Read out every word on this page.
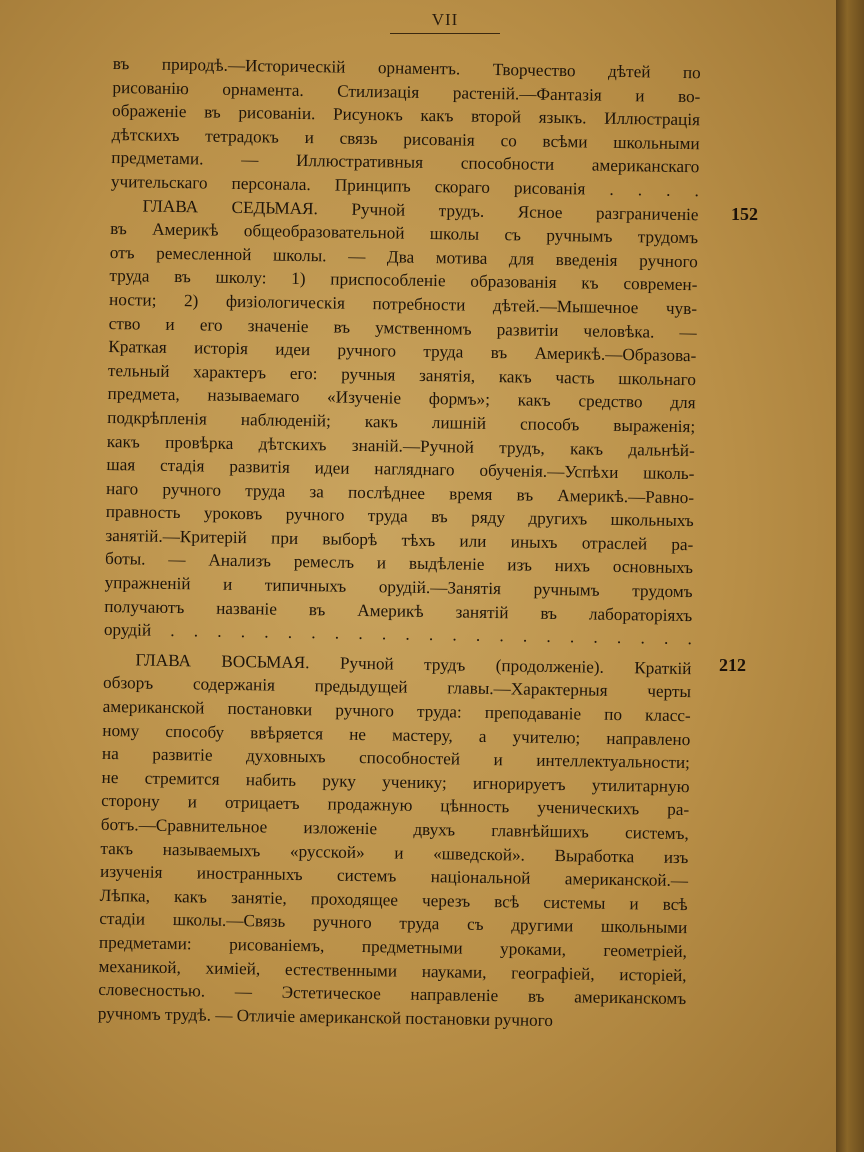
VII
въ природѣ.—Историческій орнаментъ. Творчество дѣтей по
рисованію орнамента. Стилизація растеній.—Фантазія и во-
ображеніе въ рисованіи. Рисунокъ какъ второй языкъ. Иллюстрація
дѣтскихъ тетрадокъ и связь рисованія со всѣми школьными
предметами. — Иллюстративныя способности американскаго
учительскаго персонала. Принципъ скораго рисованія . . . .
ГЛАВА СЕДЬМАЯ. Ручной трудъ. Ясное разграниченіе
въ Америкѣ общеобразовательной школы съ ручнымъ трудомъ
отъ ремесленной школы. — Два мотива для введенія ручного
труда въ школу: 1) приспособленіе образованія къ современ-
ности; 2) физіологическія потребности дѣтей.—Мышечное чув-
ство и его значеніе въ умственномъ развитіи человѣка. —
Краткая исторія идеи ручного труда въ Америкѣ.—Образова-
тельный характеръ его: ручныя занятія, какъ часть школьнаго
предмета, называемаго «Изученіе формъ»; какъ средство для
подкрѣпленія наблюденій; какъ лишній способъ выраженія;
какъ провѣрка дѣтскихъ знаній.—Ручной трудъ, какъ дальнѣй-
шая стадія развитія идеи нагляднаго обученія.—Успѣхи школь-
наго ручного труда за послѣднее время въ Америкѣ.—Равно-
правность уроковъ ручного труда въ ряду другихъ школьныхъ
занятій.—Критерій при выборѣ тѣхъ или иныхъ отраслей ра-
боты. — Анализъ ремеслъ и выдѣленіе изъ нихъ основныхъ
упражненій и типичныхъ орудій.—Занятія ручнымъ трудомъ
получаютъ названіе въ Америкѣ занятій въ лабораторіяхъ
орудій . . . . . . . . . . . . . . . . . . . . . . .
ГЛАВА ВОСЬМАЯ. Ручной трудъ (продолженіе). Краткій
обзоръ содержанія предыдущей главы.—Характерныя черты
американской постановки ручного труда: преподаваніе по класс-
ному способу ввѣряется не мастеру, а учителю; направлено
на развитіе духовныхъ способностей и интеллектуальности;
не стремится набить руку ученику; игнорируетъ утилитарную
сторону и отрицаетъ продажную цѣнность ученическихъ ра-
ботъ.—Сравнительное изложеніе двухъ главнѣйшихъ системъ,
такъ называемыхъ «русской» и «шведской». Выработка изъ
изученія иностранныхъ системъ національной американской.—
Лѣпка, какъ занятіе, проходящее черезъ всѣ системы и всѣ
стадіи школы.—Связь ручного труда съ другими школьными
предметами: рисованіемъ, предметными уроками, геометріей,
механикой, химіей, естественными науками, географіей, исторіей,
словесностью. — Эстетическое направленіе въ американскомъ
ручномъ трудѣ. — Отличіе американской постановки ручного
152
212
